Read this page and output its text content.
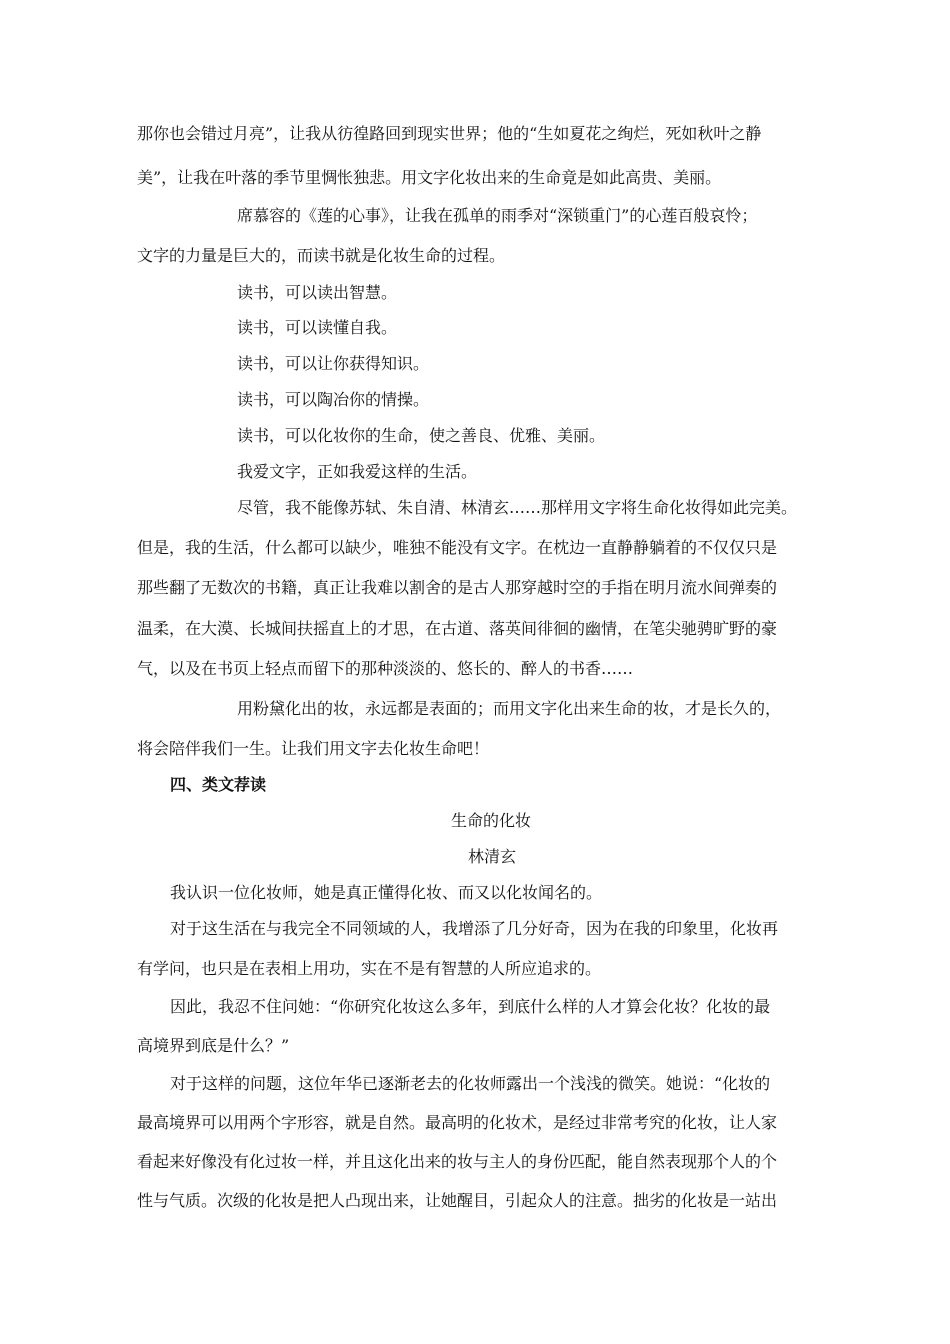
那你也会错过月亮”，让我从彷徨路回到现实世界；他的“生如夏花之绚烂，死如秋叶之静
美”，让我在叶落的季节里惆怅独悲。用文字化妆出来的生命竟是如此高贵、美丽。
席慕容的《莲的心事》，让我在孤单的雨季对“深锁重门”的心莲百般哀怜；
文字的力量是巨大的，而读书就是化妆生命的过程。
读书，可以读出智慧。
读书，可以读懂自我。
读书，可以让你获得知识。
读书，可以陶冶你的情操。
读书，可以化妆你的生命，使之善良、优雅、美丽。
我爱文字，正如我爱这样的生活。
尽管，我不能像苏轼、朱自清、林清玄……那样用文字将生命化妆得如此完美。
但是，我的生活，什么都可以缺少，唯独不能没有文字。在枕边一直静静躺着的不仅仅只是
那些翻了无数次的书籍，真正让我难以割舍的是古人那穿越时空的手指在明月流水间弹奏的
温柔，在大漠、长城间扶摇直上的才思，在古道、落英间徘徊的幽情，在笔尖驰骋旷野的豪
气，以及在书页上轻点而留下的那种淡淡的、悠长的、醉人的书香……
用粉黛化出的妆，永远都是表面的；而用文字化出来生命的妆，才是长久的，
将会陪伴我们一生。让我们用文字去化妆生命吧！
四、类文荐读
生命的化妆
林清玄
我认识一位化妆师，她是真正懂得化妆、而又以化妆闻名的。
对于这生活在与我完全不同领域的人，我增添了几分好奇，因为在我的印象里，化妆再
有学问，也只是在表相上用功，实在不是有智慧的人所应追求的。
因此，我忍不住问她：“你研究化妆这么多年，到底什么样的人才算会化妆？化妆的最
高境界到底是什么？”
对于这样的问题，这位年华已逐渐老去的化妆师露出一个浅浅的微笑。她说：“化妆的
最高境界可以用两个字形容，就是自然。最高明的化妆术，是经过非常考究的化妆，让人家
看起来好像没有化过妆一样，并且这化出来的妆与主人的身份匹配，能自然表现那个人的个
性与气质。次级的化妆是把人凸现出来，让她醒目，引起众人的注意。拙劣的化妆是一站出
